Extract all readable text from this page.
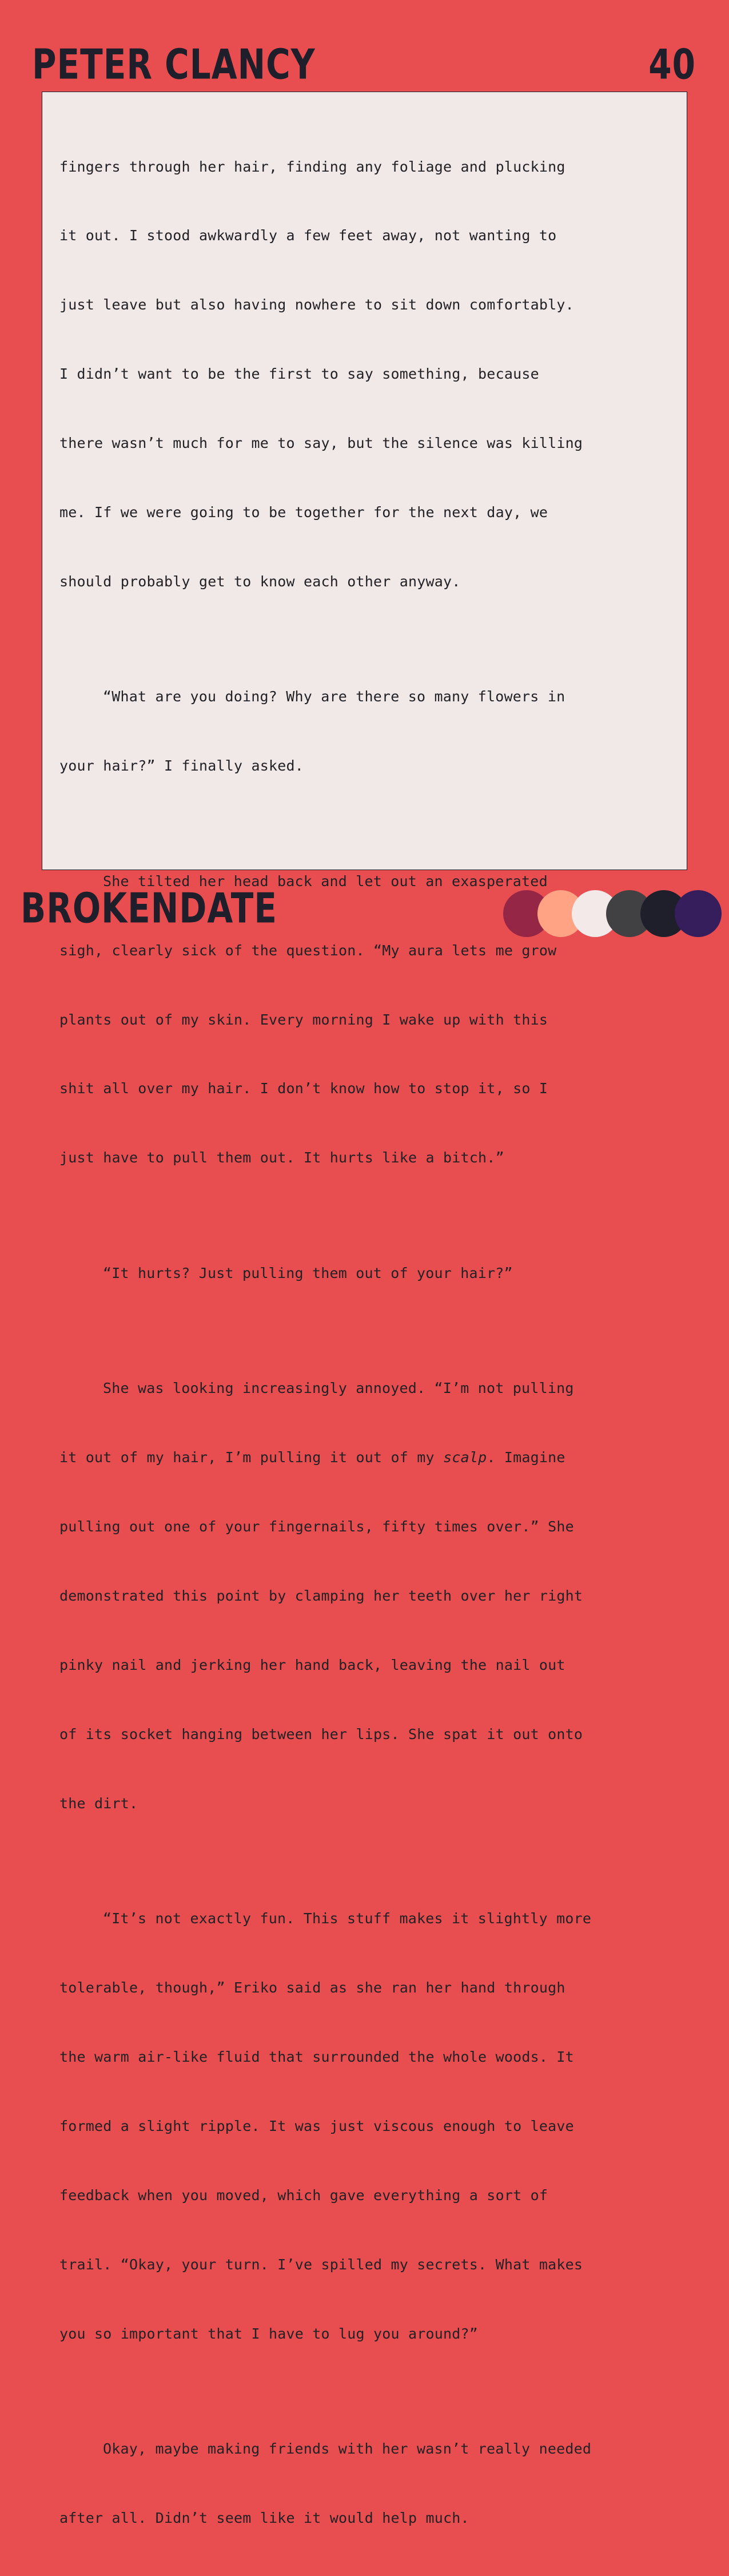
PETER CLANCY	40

fingers through her hair, finding any foliage and plucking

it out. I stood awkwardly a few feet away, not wanting to

just leave but also having nowhere to sit down comfortably.

I didn’t want to be the first to say something, because

there wasn’t much for me to say, but the silence was killing

me. If we were going to be together for the next day, we

should probably get to know each other anyway.

“What are you doing? Why are there so many flowers in

your hair?” I finally asked.

She tilted her head back and let out an exasperated

sigh, clearly sick of the question. “My aura lets me grow

plants out of my skin. Every morning I wake up with this

shit all over my hair. I don’t know how to stop it, so I

just have to pull them out. It hurts like a bitch.”

“It hurts? Just pulling them out of your hair?”

She was looking increasingly annoyed. “I’m not pulling

it out of my hair, I’m pulling it out of my scalp. Imagine

pulling out one of your fingernails, fifty times over.” She

demonstrated this point by clamping her teeth over her right

pinky nail and jerking her hand back, leaving the nail out

of its socket hanging between her lips. She spat it out onto

the dirt.

“It’s not exactly fun. This stuff makes it slightly more

tolerable, though,” Eriko said as she ran her hand through

the warm air-like fluid that surrounded the whole woods. It

formed a slight ripple. It was just viscous enough to leave

feedback when you moved, which gave everything a sort of

trail. “Okay, your turn. I’ve spilled my secrets. What makes

you so important that I have to lug you around?”

Okay, maybe making friends with her wasn’t really needed

after all. Didn’t seem like it would help much.

BROKENDATE
